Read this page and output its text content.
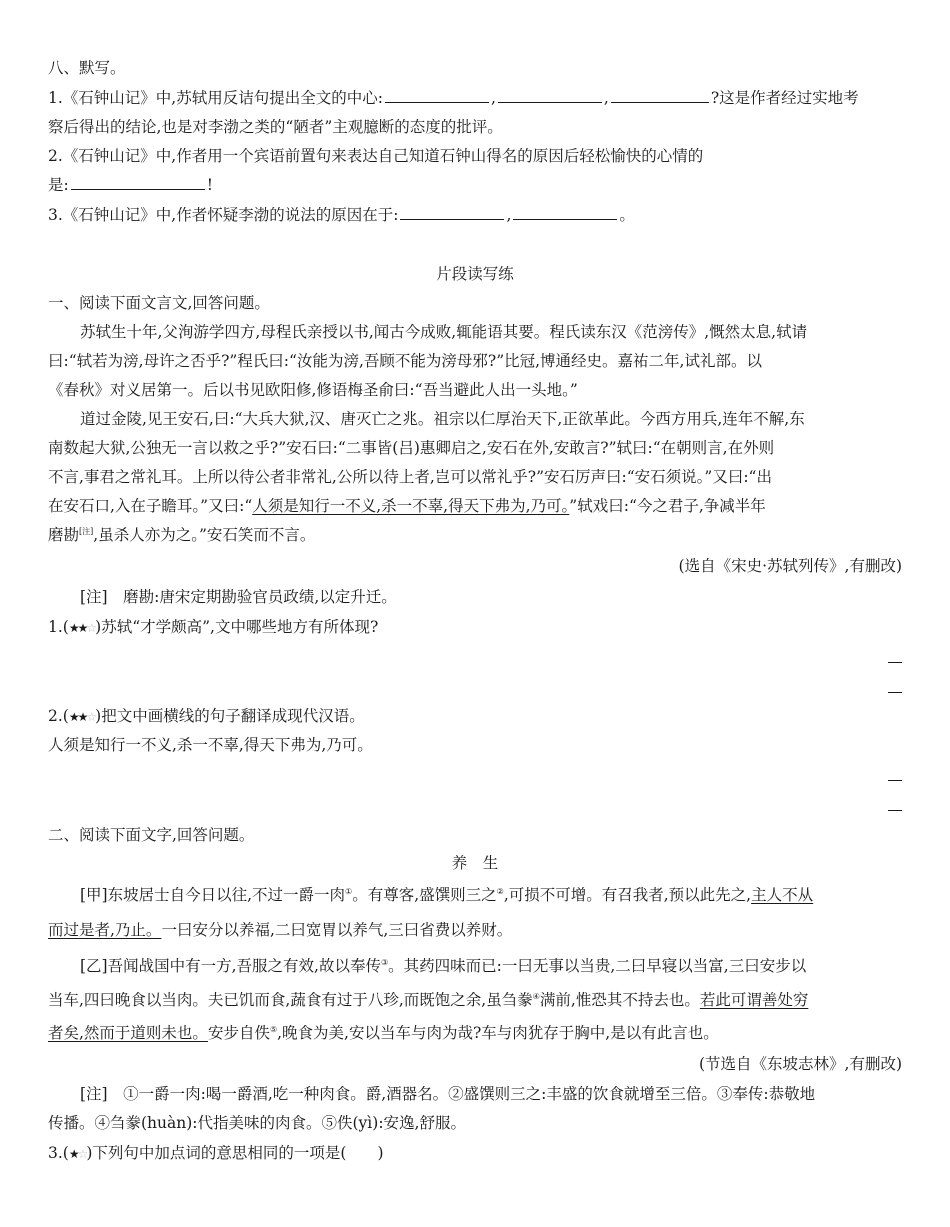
八、默写。
1.《石钟山记》中,苏轼用反诘句提出全文的中心:	,	,	?这是作者经过实地考
察后得出的结论,也是对李渤之类的“陋者”主观臆断的态度的批评。
2.《石钟山记》中,作者用一个宾语前置句来表达自己知道石钟山得名的原因后轻松愉快的心情的
是:	!
3.《石钟山记》中,作者怀疑李渤的说法的原因在于:	,	。
片段读写练
一、阅读下面文言文,回答问题。
苏轼生十年,父洵游学四方,母程氏亲授以书,闻古今成败,辄能语其要。程氏读东汉《范滂传》,慨然太息,轼请
曰:“轼若为滂,母许之否乎?”程氏曰:“汝能为滂,吾顾不能为滂母邪?”比冠,博通经史。嘉祐二年,试礼部。以
《春秋》对义居第一。后以书见欧阳修,修语梅圣俞曰:“吾当避此人出一头地。”
道过金陵,见王安石,曰:“大兵大狱,汉、唐灭亡之兆。祖宗以仁厚治天下,正欲革此。今西方用兵,连年不解,东
南数起大狱,公独无一言以救之乎?”安石曰:“二事皆(吕)惠卿启之,安石在外,安敢言?”轼曰:“在朝则言,在外则
不言,事君之常礼耳。上所以待公者非常礼,公所以待上者,岂可以常礼乎?”安石厉声曰:“安石须说。”又曰:“出
在安石口,入在子瞻耳。”又曰:“人须是知行一不义,杀一不辜,得天下弗为,乃可。”轼戏曰:“今之君子,争减半年
磨勘[注],虽杀人亦为之。”安石笑而不言。
(选自《宋史·苏轼列传》,有删改)
[注]　磨勘:唐宋定期勘验官员政绩,以定升迁。
1.(★★☆)苏轼“才学颇高”,文中哪些地方有所体现?
2.(★★☆)把文中画横线的句子翻译成现代汉语。
人须是知行一不义,杀一不辜,得天下弗为,乃可。
二、阅读下面文字,回答问题。
养　生
[甲]东坡居士自今日以往,不过一爵一肉①。有尊客,盛馔则三之②,可损不可增。有召我者,预以此先之,主人不从
而过是者,乃止。一曰安分以养福,二曰宽胃以养气,三曰省费以养财。
[乙]吾闻战国中有一方,吾服之有效,故以奉传③。其药四味而已:一曰无事以当贵,二曰早寝以当富,三曰安步以
当车,四曰晚食以当肉。夫已饥而食,蔬食有过于八珍,而既饱之余,虽刍豢④满前,惟恐其不持去也。若此可谓善处穷
者矣,然而于道则未也。安步自佚⑤,晚食为美,安以当车与肉为哉?车与肉犹存于胸中,是以有此言也。
(节选自《东坡志林》,有删改)
[注]　①一爵一肉:喝一爵酒,吃一种肉食。爵,酒器名。②盛馔则三之:丰盛的饮食就增至三倍。③奉传:恭敬地
传播。④刍豢(huàn):代指美味的肉食。⑤佚(yì):安逸,舒服。
3.(★☆)下列句中加点词的意思相同的一项是(　　)
